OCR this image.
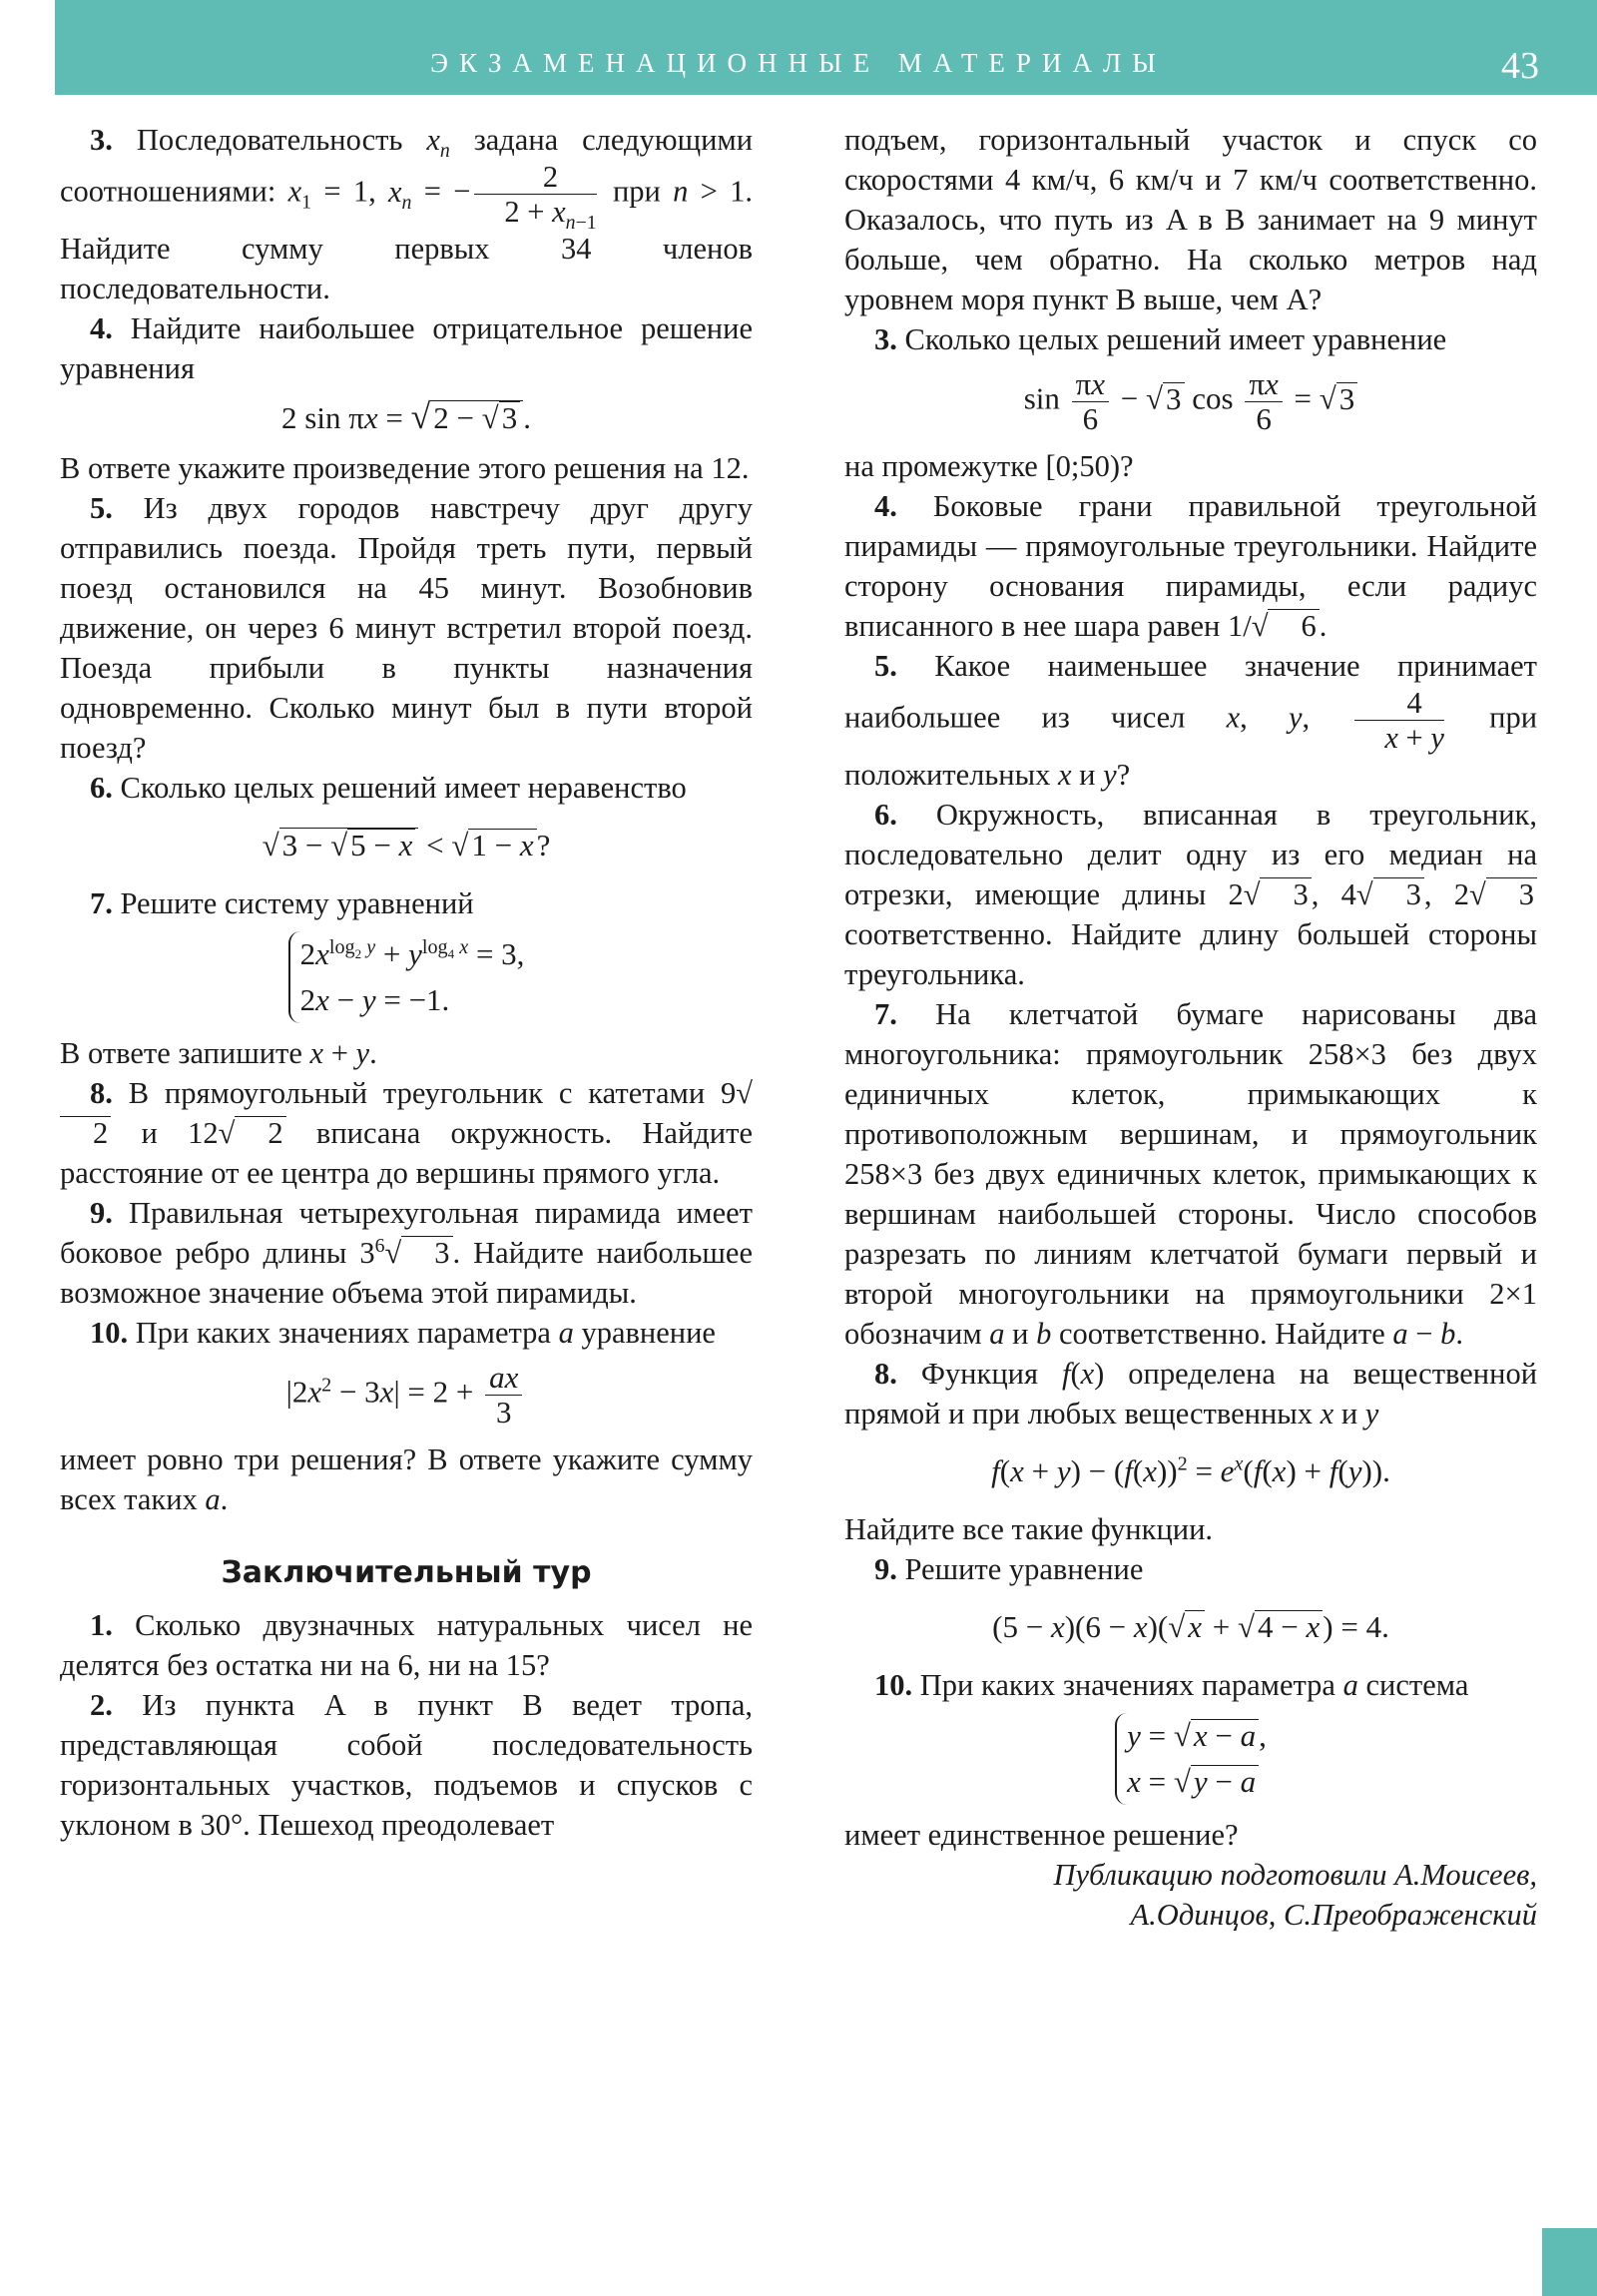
ЭКЗАМЕНАЦИОННЫЕ МАТЕРИАЛЫ	43

3. Последовательность $x_n$ задана следующими соотношениями: $x_1 = 1$, $x_n$ = − $\frac{2}{2 + x_{n-1}}$ при n > 1. Найдите сумму первых 34 членов последовательности.

4. Найдите наибольшее отрицательное решение уравнения

2 sin πx = √2 − √3 .

В ответе укажите произведение этого решения на 12.

5. Из двух городов навстречу друг другу отправились поезда. Пройдя треть пути, первый поезд остановился на 45 минут. Возобновив движение, он через 6 минут встретил второй поезд. Поезда прибыли в пункты назначения одновременно. Сколько минут был в пути второй поезд?

6. Сколько целых решений имеет неравенство

√3 − √5 − x < √1 − x?

7. Решите систему уравнений

$2x^{log_2 y} + y^{log_4 x} = 3$,
2x − y = −1.

В ответе запишите x + y.

8. В прямоугольный треугольник с катетами 9√2 и 12√ 2 вписана окружность. Найдите расстояние от ее центра до вершины прямого угла.

9. Правильная четырехугольная пирамида имеет боковое ребро длины $3^6√$ 3. Найдите наибольшее возможное значение объема этой пирамиды.

10. При каких значениях параметра a уравнение

$|2x^2 - 3x| = 2 + \frac{ax}{3}$

имеет ровно три решения? В ответе укажите сумму всех таких a.

Заключительный тур

1. Сколько двузначных натуральных чисел не делятся без остатка ни на 6, ни на 15?

2. Из пункта A в пункт B ведет тропа, представляющая собой последовательность горизонтальных участков, подъемов и спусков с уклоном в 30°. Пешеход преодолевает

подъем, горизонтальный участок и спуск со скоростями 4 км/ч, 6 км/ч и 7 км/ч соответственно. Оказалось, что путь из A в B занимает на 9 минут больше, чем обратно. На сколько метров над уровнем моря пункт B выше, чем A?

3. Сколько целых решений имеет уравнение

$\sin \frac{\pi x}{6} - √3$ $\cos \frac{\pi x}{6} = √3$

на промежутке [0;50)?

4. Боковые грани правильной треугольной пирамиды — прямоугольные треугольники. Найдите сторону основания пирамиды, если радиус вписанного в нее шара равен 1/√ 6.

5. Какое наименьшее значение принимает наибольшее из чисел x, y, $\frac{4}{x + y}$ при положительных x и y?

6. Окружность, вписанная в треугольник, последовательно делит одну из его медиан на отрезки, имеющие длины 2√ 3, 4√ 3, 2√ 3 соответственно. Найдите длину большей стороны треугольника.

7. На клетчатой бумаге нарисованы два многоугольника: прямоугольник 258×3 без двух единичных клеток, примыкающих к противоположным вершинам, и прямоугольник 258×3 без двух единичных клеток, примыкающих к вершинам наибольшей стороны. Число способов разрезать по линиям клетчатой бумаги первый и второй многоугольники на прямоугольники 2×1 обозначим a и b соответственно. Найдите a − b.

8. Функция f(x) определена на вещественной прямой и при любых вещественных x и y

$f(x + y) - (f(x))^2 = e^x(f(x) + f(y))$.

Найдите все такие функции.

9. Решите уравнение

(5 − x)(6 − x)(√x + √4 − x) = 4.

10. При каких значениях параметра a система

y = √x − a,
x = √y − a

имеет единственное решение?

Публикацию подготовили А.Моисеев,
А.Одинцов, С.Преображенский
